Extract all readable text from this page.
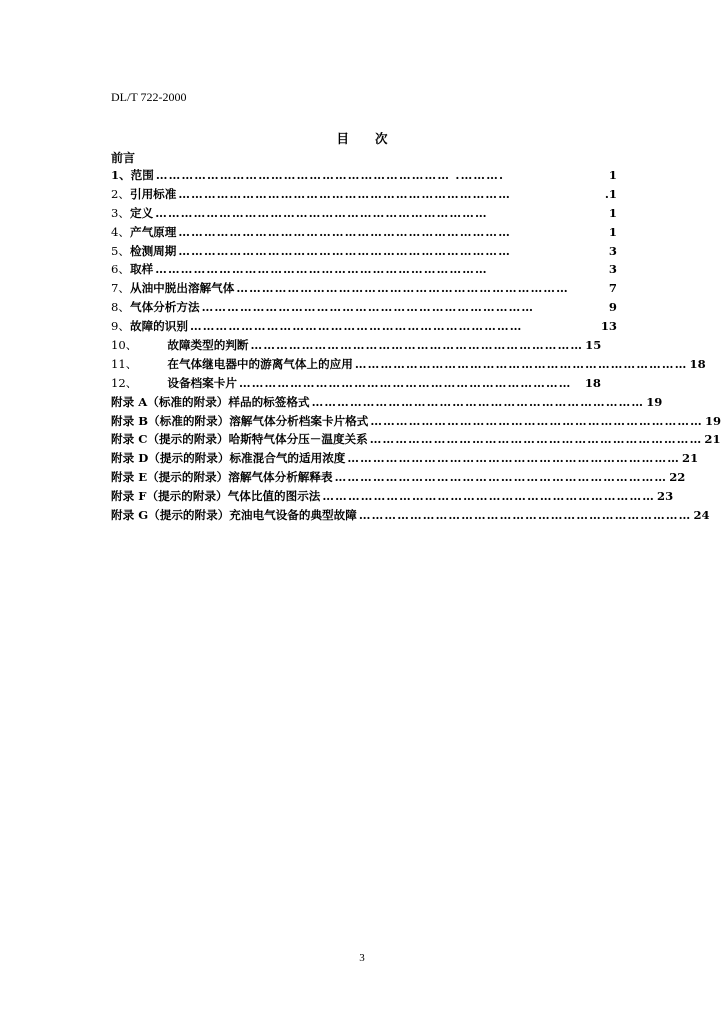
DL/T 722-2000
目 次
前言
1、 范围 …………………………………………………………… .……….	1
2、 引用标准 ……………………………………………………………………	.1
3、 定义 ……………………………………………………………………	1
4、 产气原理 ……………………………………………………………………	1
5、 检测周期 ……………………………………………………………………	3
6、 取样 ……………………………………………………………………	3
7、 从油中脱出溶解气体 ……………………………………………………………………	7
8、 气体分析方法 ……………………………………………………………………	9
9、 故障的识别 ……………………………………………………………………	13
10、	故障类型的判断 …………………………………………………………………… 15
11、	在气体继电器中的游离气体上的应用 …………………………………………………………………… 18
12、	设备档案卡片 ……………………………………………………………………	18
附录 A （标准的附录）样品的标签格式 …………………………………………………………………… 19
附录 B （标准的附录）溶解气体分析档案卡片格式 …………………………………………………………………… 19
附录 C （提示的附录）哈斯特气体分压－温度关系 …………………………………………………………………… 21
附录 D （提示的附录）标准混合气的适用浓度 …………………………………………………………………… 21
附录 E （提示的附录）溶解气体分析解释表 …………………………………………………………………… 22
附录 F （提示的附录）气体比值的图示法 …………………………………………………………………… 23
附录 G （提示的附录）充油电气设备的典型故障 …………………………………………………………………… 24
3
